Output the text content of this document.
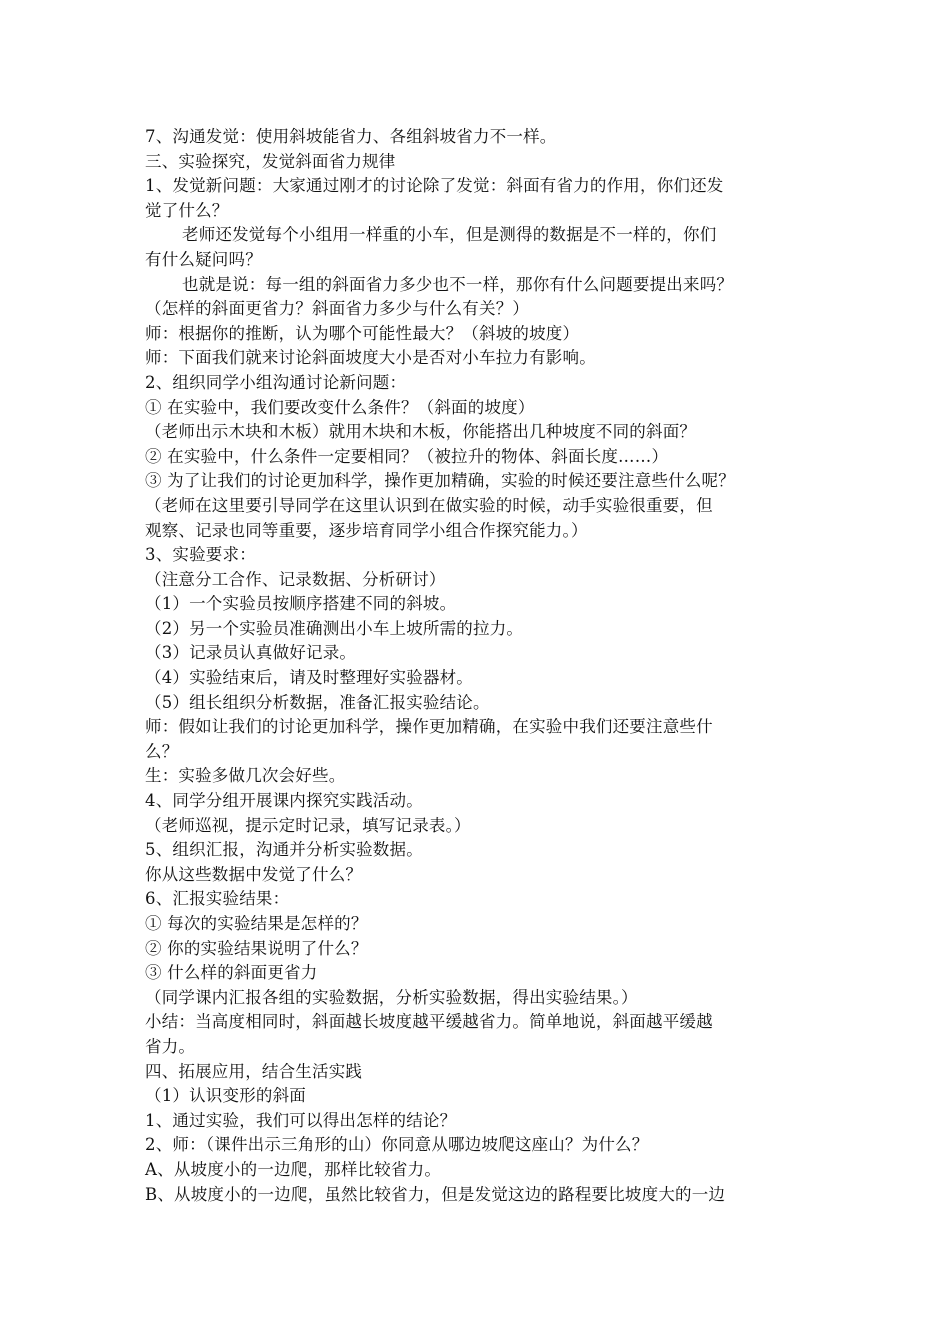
7、沟通发觉：使用斜坡能省力、各组斜坡省力不一样。
三、实验探究，发觉斜面省力规律
1、发觉新问题：大家通过刚才的讨论除了发觉：斜面有省力的作用，你们还发
觉了什么？
老师还发觉每个小组用一样重的小车，但是测得的数据是不一样的，你们
有什么疑问吗？
也就是说：每一组的斜面省力多少也不一样，那你有什么问题要提出来吗？
（怎样的斜面更省力？斜面省力多少与什么有关？）
师：根据你的推断，认为哪个可能性最大？（斜坡的坡度）
师：下面我们就来讨论斜面坡度大小是否对小车拉力有影响。
2、组织同学小组沟通讨论新问题：
① 在实验中，我们要改变什么条件？（斜面的坡度）
（老师出示木块和木板）就用木块和木板，你能搭出几种坡度不同的斜面？
② 在实验中，什么条件一定要相同？（被拉升的物体、斜面长度……）
③ 为了让我们的讨论更加科学，操作更加精确，实验的时候还要注意些什么呢？
（老师在这里要引导同学在这里认识到在做实验的时候，动手实验很重要，但
观察、记录也同等重要，逐步培育同学小组合作探究能力。）
3、实验要求：
（注意分工合作、记录数据、分析研讨）
（1）一个实验员按顺序搭建不同的斜坡。
（2）另一个实验员准确测出小车上坡所需的拉力。
（3）记录员认真做好记录。
（4）实验结束后，请及时整理好实验器材。
（5）组长组织分析数据，准备汇报实验结论。
师：假如让我们的讨论更加科学，操作更加精确，在实验中我们还要注意些什
么？
生：实验多做几次会好些。
4、同学分组开展课内探究实践活动。
（老师巡视，提示定时记录，填写记录表。）
5、组织汇报，沟通并分析实验数据。
你从这些数据中发觉了什么？
6、汇报实验结果：
① 每次的实验结果是怎样的？
② 你的实验结果说明了什么？
③ 什么样的斜面更省力
（同学课内汇报各组的实验数据，分析实验数据，得出实验结果。）
小结：当高度相同时，斜面越长坡度越平缓越省力。简单地说，斜面越平缓越
省力。
四、拓展应用，结合生活实践
（1）认识变形的斜面
1、通过实验，我们可以得出怎样的结论？
2、师：（课件出示三角形的山）你同意从哪边坡爬这座山？为什么？
A、从坡度小的一边爬，那样比较省力。
B、从坡度小的一边爬，虽然比较省力，但是发觉这边的路程要比坡度大的一边
